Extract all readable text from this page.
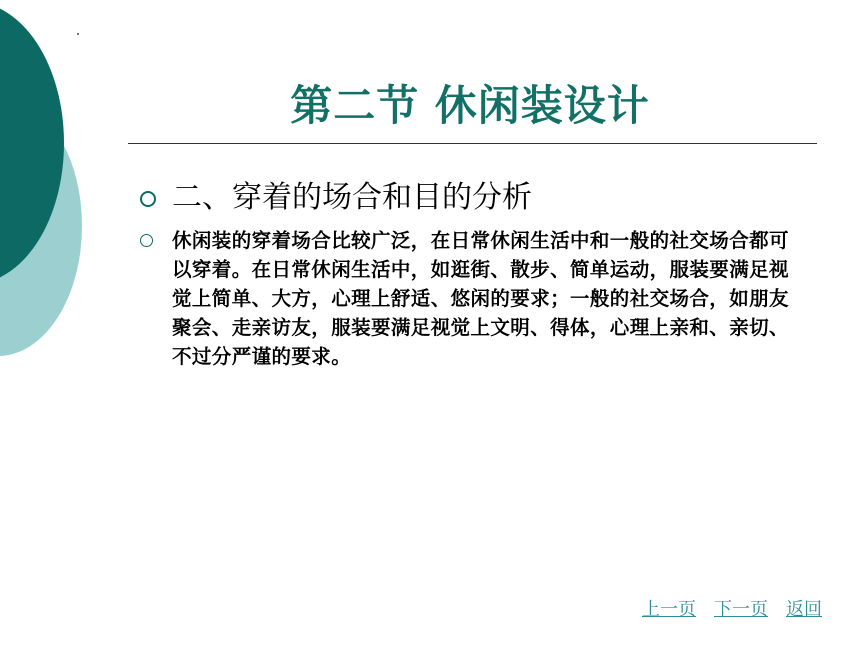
第二节 休闲装设计
二、穿着的场合和目的分析
休闲装的穿着场合比较广泛，在日常休闲生活中和一般的社交场合都可以穿着。在日常休闲生活中，如逛街、散步、简单运动，服装要满足视觉上简单、大方，心理上舒适、悠闲的要求；一般的社交场合，如朋友聚会、走亲访友，服装要满足视觉上文明、得体，心理上亲和、亲切、不过分严谨的要求。
上一页 下一页 返回
